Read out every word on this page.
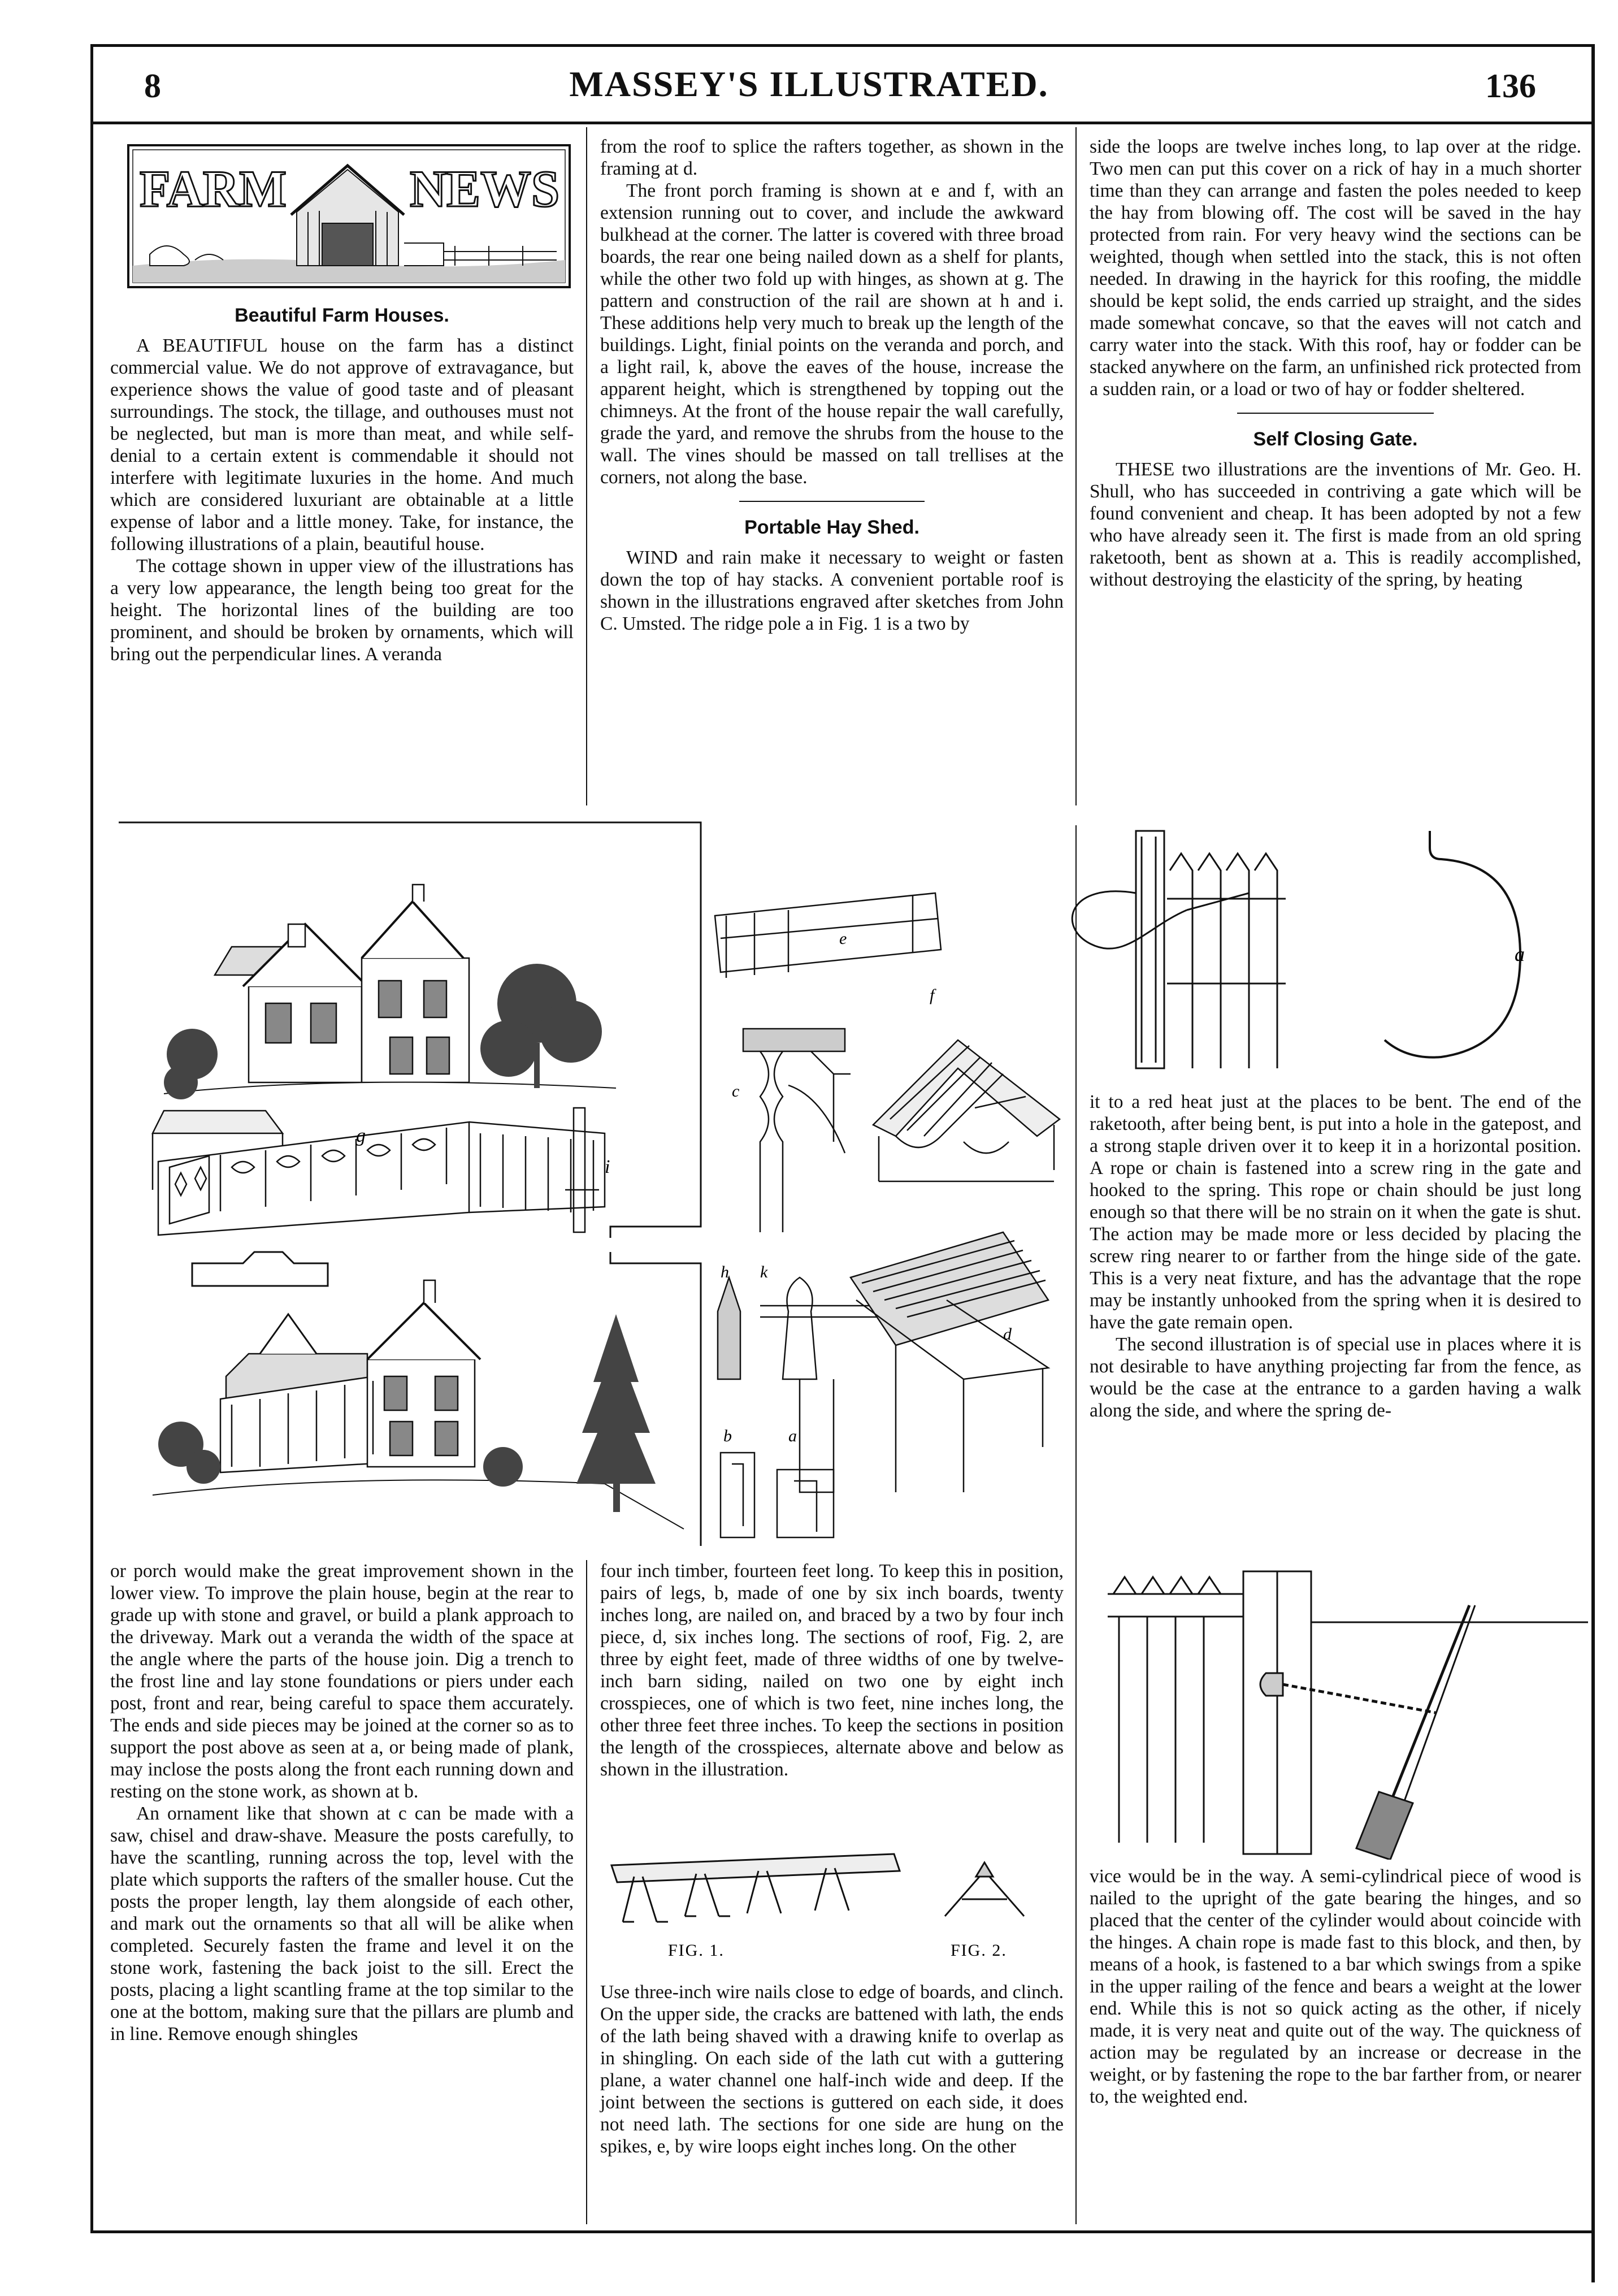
8	MASSEY'S ILLUSTRATED.	136
FARM NEWS
Beautiful Farm Houses.

A BEAUTIFUL house on the farm has a distinct commercial value. We do not approve of extravagance, but experience shows the value of good taste and of pleasant surroundings. The stock, the tillage, and outhouses must not be neglected, but man is more than meat, and while self-denial to a certain extent is commendable it should not interfere with legitimate luxuries in the home. And much which are considered luxuriant are obtainable at a little expense of labor and a little money. Take, for instance, the following illustrations of a plain, beautiful house.

The cottage shown in upper view of the illustrations has a very low appearance, the length being too great for the height. The horizontal lines of the building are too prominent, and should be broken by ornaments, which will bring out the perpendicular lines. A veranda

from the roof to splice the rafters together, as shown in the framing at d.

The front porch framing is shown at e and f, with an extension running out to cover, and include the awkward bulkhead at the corner. The latter is covered with three broad boards, the rear one being nailed down as a shelf for plants, while the other two fold up with hinges, as shown at g. The pattern and construction of the rail are shown at h and i. These additions help very much to break up the length of the buildings. Light, finial points on the veranda and porch, and a light rail, k, above the eaves of the house, increase the apparent height, which is strengthened by topping out the chimneys. At the front of the house repair the wall carefully, grade the yard, and remove the shrubs from the house to the wall. The vines should be massed on tall trellises at the corners, not along the base.

Portable Hay Shed.

WIND and rain make it necessary to weight or fasten down the top of hay stacks. A convenient portable roof is shown in the illustrations engraved after sketches from John C. Umsted. The ridge pole a in Fig. 1 is a two by

side the loops are twelve inches long, to lap over at the ridge. Two men can put this cover on a rick of hay in a much shorter time than they can arrange and fasten the poles needed to keep the hay from blowing off. The cost will be saved in the hay protected from rain. For very heavy wind the sections can be weighted, though when settled into the stack, this is not often needed. In drawing in the hayrick for this roofing, the middle should be kept solid, the ends carried up straight, and the sides made somewhat concave, so that the eaves will not catch and carry water into the stack. With this roof, hay or fodder can be stacked anywhere on the farm, an unfinished rick protected from a sudden rain, or a load or two of hay or fodder sheltered.

Self Closing Gate.

THESE two illustrations are the inventions of Mr. Geo. H. Shull, who has succeeded in contriving a gate which will be found convenient and cheap. It has been adopted by not a few who have already seen it. The first is made from an old spring raketooth, bent as shown at a. This is readily accomplished, without destroying the elasticity of the spring, by heating

g
i
e
f
c
h k
d
b	a
a

it to a red heat just at the places to be bent. The end of the raketooth, after being bent, is put into a hole in the gatepost, and a strong staple driven over it to keep it in a horizontal position. A rope or chain is fastened into a screw ring in the gate and hooked to the spring. This rope or chain should be just long enough so that there will be no strain on it when the gate is shut. The action may be made more or less decided by placing the screw ring nearer to or farther from the hinge side of the gate. This is a very neat fixture, and has the advantage that the rope may be instantly unhooked from the spring when it is desired to have the gate remain open.

The second illustration is of special use in places where it is not desirable to have anything projecting far from the fence, as would be the case at the entrance to a garden having a walk along the side, and where the spring de-

vice would be in the way. A semi-cylindrical piece of wood is nailed to the upright of the gate bearing the hinges, and so placed that the center of the cylinder would about coincide with the hinges. A chain rope is made fast to this block, and then, by means of a hook, is fastened to a bar which swings from a spike in the upper railing of the fence and bears a weight at the lower end. While this is not so quick acting as the other, if nicely made, it is very neat and quite out of the way. The quickness of action may be regulated by an increase or decrease in the weight, or by fastening the rope to the bar farther from, or nearer to, the weighted end.

or porch would make the great improvement shown in the lower view. To improve the plain house, begin at the rear to grade up with stone and gravel, or build a plank approach to the driveway. Mark out a veranda the width of the space at the angle where the parts of the house join. Dig a trench to the frost line and lay stone foundations or piers under each post, front and rear, being careful to space them accurately. The ends and side pieces may be joined at the corner so as to support the post above as seen at a, or being made of plank, may inclose the posts along the front each running down and resting on the stone work, as shown at b.

An ornament like that shown at c can be made with a saw, chisel and draw-shave. Measure the posts carefully, to have the scantling, running across the top, level with the plate which supports the rafters of the smaller house. Cut the posts the proper length, lay them alongside of each other, and mark out the ornaments so that all will be alike when completed. Securely fasten the frame and level it on the stone work, fastening the back joist to the sill. Erect the posts, placing a light scantling frame at the top similar to the one at the bottom, making sure that the pillars are plumb and in line. Remove enough shingles

four inch timber, fourteen feet long. To keep this in position, pairs of legs, b, made of one by six inch boards, twenty inches long, are nailed on, and braced by a two by four inch piece, d, six inches long. The sections of roof, Fig. 2, are three by eight feet, made of three widths of one by twelve-inch barn siding, nailed on two one by eight inch crosspieces, one of which is two feet, nine inches long, the other three feet three inches. To keep the sections in position the length of the crosspieces, alternate above and below as shown in the illustration.

FIG. 1.	FIG. 2.

Use three-inch wire nails close to edge of boards, and clinch. On the upper side, the cracks are battened with lath, the ends of the lath being shaved with a drawing knife to overlap as in shingling. On each side of the lath cut with a guttering plane, a water channel one half-inch wide and deep. If the joint between the sections is guttered on each side, it does not need lath. The sections for one side are hung on the spikes, e, by wire loops eight inches long. On the other
